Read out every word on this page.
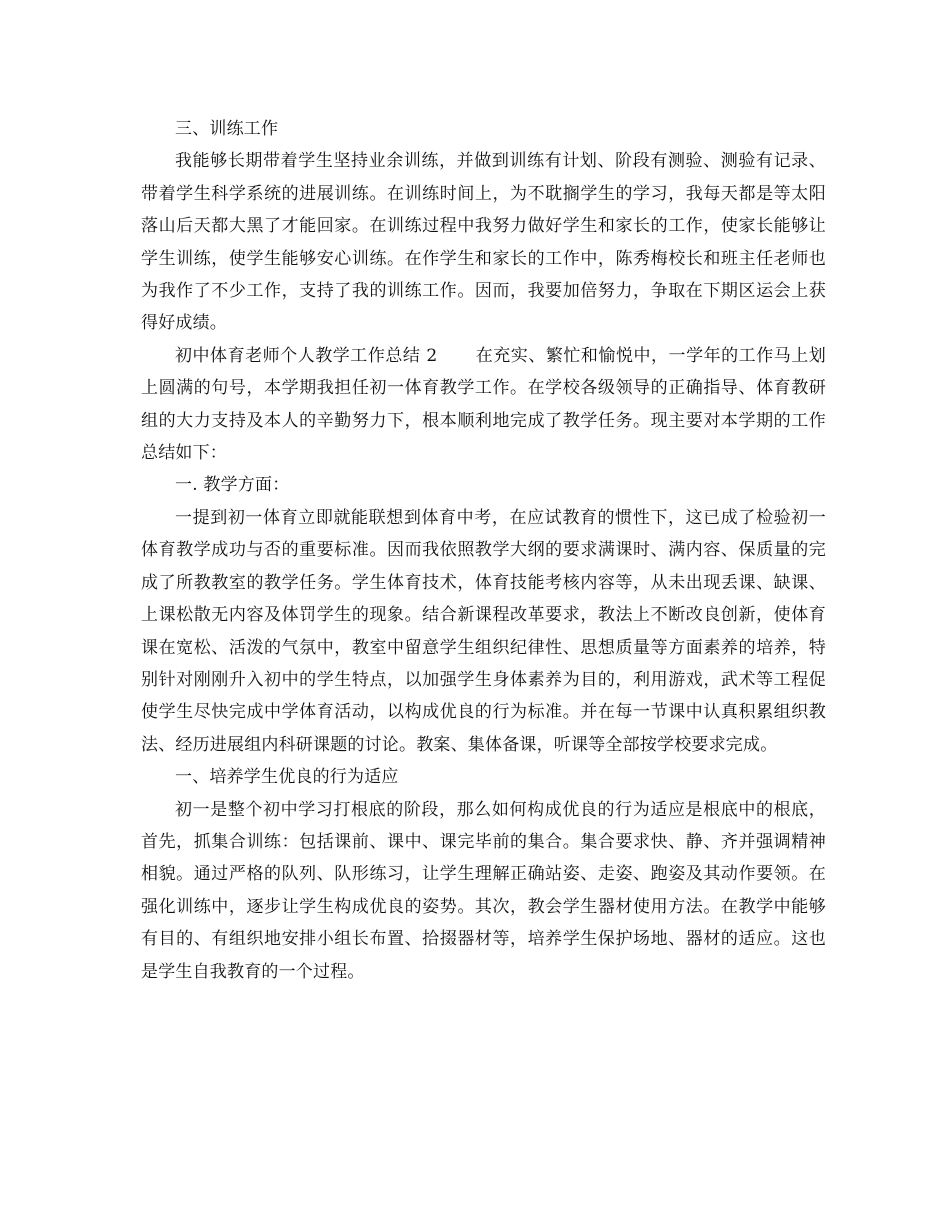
三、训练工作

我能够长期带着学生坚持业余训练，并做到训练有计划、阶段有测验、测验有记录、带着学生科学系统的进展训练。在训练时间上，为不耽搁学生的学习，我每天都是等太阳落山后天都大黑了才能回家。在训练过程中我努力做好学生和家长的工作，使家长能够让学生训练，使学生能够安心训练。在作学生和家长的工作中，陈秀梅校长和班主任老师也为我作了不少工作，支持了我的训练工作。因而，我要加倍努力，争取在下期区运会上获得好成绩。

初中体育老师个人教学工作总结 2 在充实、繁忙和愉悦中，一学年的工作马上划上圆满的句号，本学期我担任初一体育教学工作。在学校各级领导的正确指导、体育教研组的大力支持及本人的辛勤努力下，根本顺利地完成了教学任务。现主要对本学期的工作总结如下：

一. 教学方面：

一提到初一体育立即就能联想到体育中考，在应试教育的惯性下，这已成了检验初一体育教学成功与否的重要标准。因而我依照教学大纲的要求满课时、满内容、保质量的完成了所教教室的教学任务。学生体育技术，体育技能考核内容等，从未出现丢课、缺课、上课松散无内容及体罚学生的现象。结合新课程改革要求，教法上不断改良创新，使体育课在宽松、活泼的气氛中，教室中留意学生组织纪律性、思想质量等方面素养的培养，特别针对刚刚升入初中的学生特点，以加强学生身体素养为目的，利用游戏，武术等工程促使学生尽快完成中学体育活动，以构成优良的行为标准。并在每一节课中认真积累组织教法、经历进展组内科研课题的讨论。教案、集体备课，听课等全部按学校要求完成。

一、培养学生优良的行为适应

初一是整个初中学习打根底的阶段，那么如何构成优良的行为适应是根底中的根底，首先，抓集合训练：包括课前、课中、课完毕前的集合。集合要求快、静、齐并强调精神相貌。通过严格的队列、队形练习，让学生理解正确站姿、走姿、跑姿及其动作要领。在强化训练中，逐步让学生构成优良的姿势。其次，教会学生器材使用方法。在教学中能够有目的、有组织地安排小组长布置、拾掇器材等，培养学生保护场地、器材的适应。这也是学生自我教育的一个过程。
